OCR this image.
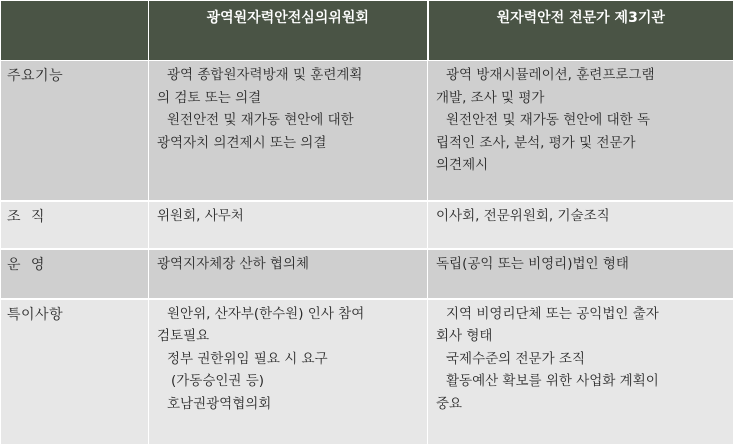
	광역원자력안전심의위원회	원자력안전 전문가 제3기관
주요기능	광역 종합원자력방재 및 훈련계획
의 검토 또는 의결
원전안전 및 재가동 현안에 대한
광역자치 의견제시 또는 의결	광역 방재시뮬레이션, 훈련프로그램
개발, 조사 및 평가
원전안전 및 재가동 현안에 대한 독
립적인 조사, 분석, 평가 및 전문가
의견제시

조  직	위원회, 사무처	이사회, 전문위원회, 기술조직

운  영	광역지자체장 산하 협의체	독립(공익 또는 비영리)법인 형태

특이사항	원안위, 산자부(한수원) 인사 참여
검토필요
정부 권한위임 필요 시 요구
(가동승인권 등)
호남권광역협의회	지역 비영리단체 또는 공익법인 출자
회사 형태
국제수준의 전문가 조직
활동예산 확보를 위한 사업화 계획이
중요
